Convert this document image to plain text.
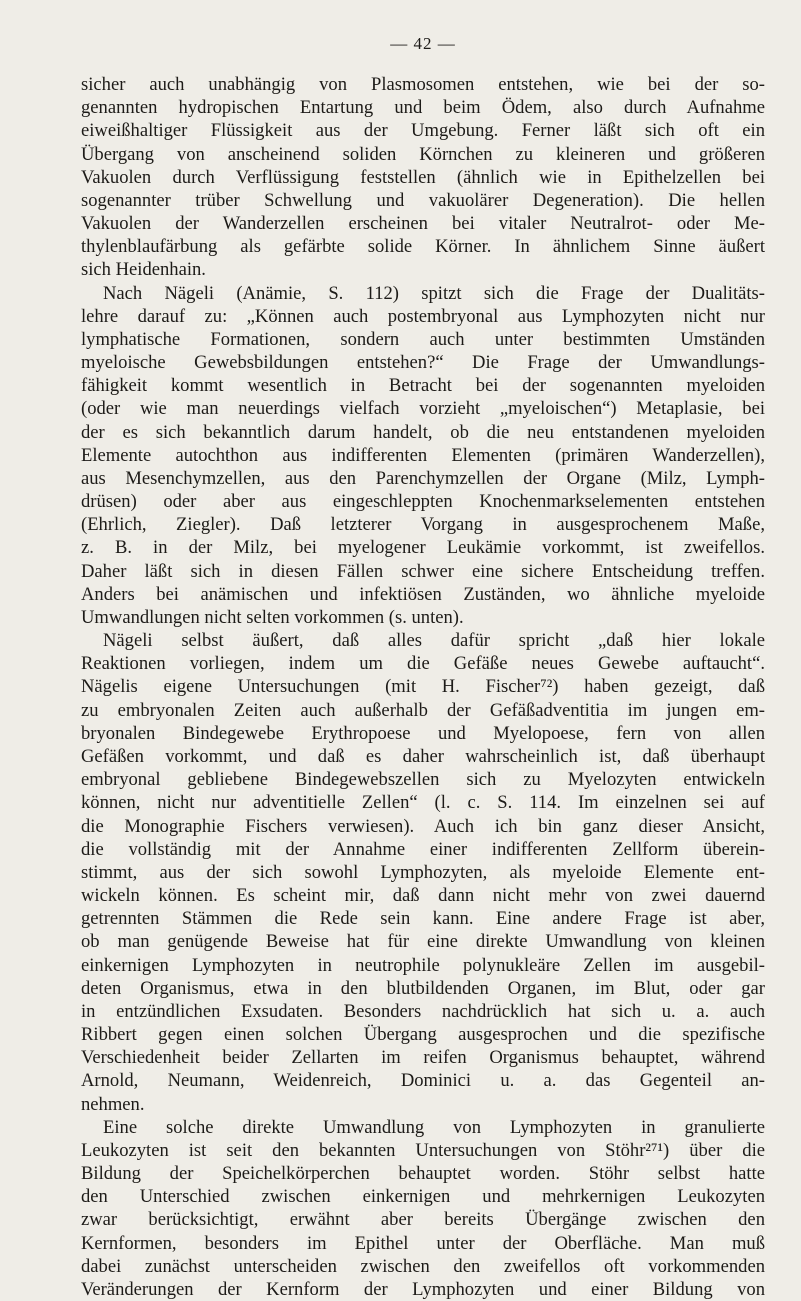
— 42 —
sicher auch unabhängig von Plasmosomen entstehen, wie bei der so-
genannten hydropischen Entartung und beim Ödem, also durch Aufnahme
eiweißhaltiger Flüssigkeit aus der Umgebung. Ferner läßt sich oft ein
Übergang von anscheinend soliden Körnchen zu kleineren und größeren
Vakuolen durch Verflüssigung feststellen (ähnlich wie in Epithelzellen bei
sogenannter trüber Schwellung und vakuolärer Degeneration). Die hellen
Vakuolen der Wanderzellen erscheinen bei vitaler Neutralrot- oder Me-
thylenblaufärbung als gefärbte solide Körner. In ähnlichem Sinne äußert
sich Heidenhain.
Nach Nägeli (Anämie, S. 112) spitzt sich die Frage der Dualitäts-
lehre darauf zu: „Können auch postembryonal aus Lymphozyten nicht nur
lymphatische Formationen, sondern auch unter bestimmten Umständen
myeloische Gewebsbildungen entstehen?“ Die Frage der Umwandlungs-
fähigkeit kommt wesentlich in Betracht bei der sogenannten myeloiden
(oder wie man neuerdings vielfach vorzieht „myeloischen“) Metaplasie, bei
der es sich bekanntlich darum handelt, ob die neu entstandenen myeloiden
Elemente autochthon aus indifferenten Elementen (primären Wanderzellen),
aus Mesenchymzellen, aus den Parenchymzellen der Organe (Milz, Lymph-
drüsen) oder aber aus eingeschleppten Knochenmarkselementen entstehen
(Ehrlich, Ziegler). Daß letzterer Vorgang in ausgesprochenem Maße,
z. B. in der Milz, bei myelogener Leukämie vorkommt, ist zweifellos.
Daher läßt sich in diesen Fällen schwer eine sichere Entscheidung treffen.
Anders bei anämischen und infektiösen Zuständen, wo ähnliche myeloide
Umwandlungen nicht selten vorkommen (s. unten).
Nägeli selbst äußert, daß alles dafür spricht „daß hier lokale
Reaktionen vorliegen, indem um die Gefäße neues Gewebe auftaucht“.
Nägelis eigene Untersuchungen (mit H. Fischer⁷²) haben gezeigt, daß
zu embryonalen Zeiten auch außerhalb der Gefäßadventitia im jungen em-
bryonalen Bindegewebe Erythropoese und Myelopoese, fern von allen
Gefäßen vorkommt, und daß es daher wahrscheinlich ist, daß überhaupt
embryonal gebliebene Bindegewebszellen sich zu Myelozyten entwickeln
können, nicht nur adventitielle Zellen“ (l. c. S. 114. Im einzelnen sei auf
die Monographie Fischers verwiesen). Auch ich bin ganz dieser Ansicht,
die vollständig mit der Annahme einer indifferenten Zellform überein-
stimmt, aus der sich sowohl Lymphozyten, als myeloide Elemente ent-
wickeln können. Es scheint mir, daß dann nicht mehr von zwei dauernd
getrennten Stämmen die Rede sein kann. Eine andere Frage ist aber,
ob man genügende Beweise hat für eine direkte Umwandlung von kleinen
einkernigen Lymphozyten in neutrophile polynukleäre Zellen im ausgebil-
deten Organismus, etwa in den blutbildenden Organen, im Blut, oder gar
in entzündlichen Exsudaten. Besonders nachdrücklich hat sich u. a. auch
Ribbert gegen einen solchen Übergang ausgesprochen und die spezifische
Verschiedenheit beider Zellarten im reifen Organismus behauptet, während
Arnold, Neumann, Weidenreich, Dominici u. a. das Gegenteil an-
nehmen.
Eine solche direkte Umwandlung von Lymphozyten in granulierte
Leukozyten ist seit den bekannten Untersuchungen von Stöhr²⁷¹) über die
Bildung der Speichelkörperchen behauptet worden. Stöhr selbst hatte
den Unterschied zwischen einkernigen und mehrkernigen Leukozyten
zwar berücksichtigt, erwähnt aber bereits Übergänge zwischen den
Kernformen, besonders im Epithel unter der Oberfläche. Man muß
dabei zunächst unterscheiden zwischen den zweifellos oft vorkommenden
Veränderungen der Kernform der Lymphozyten und einer Bildung von
